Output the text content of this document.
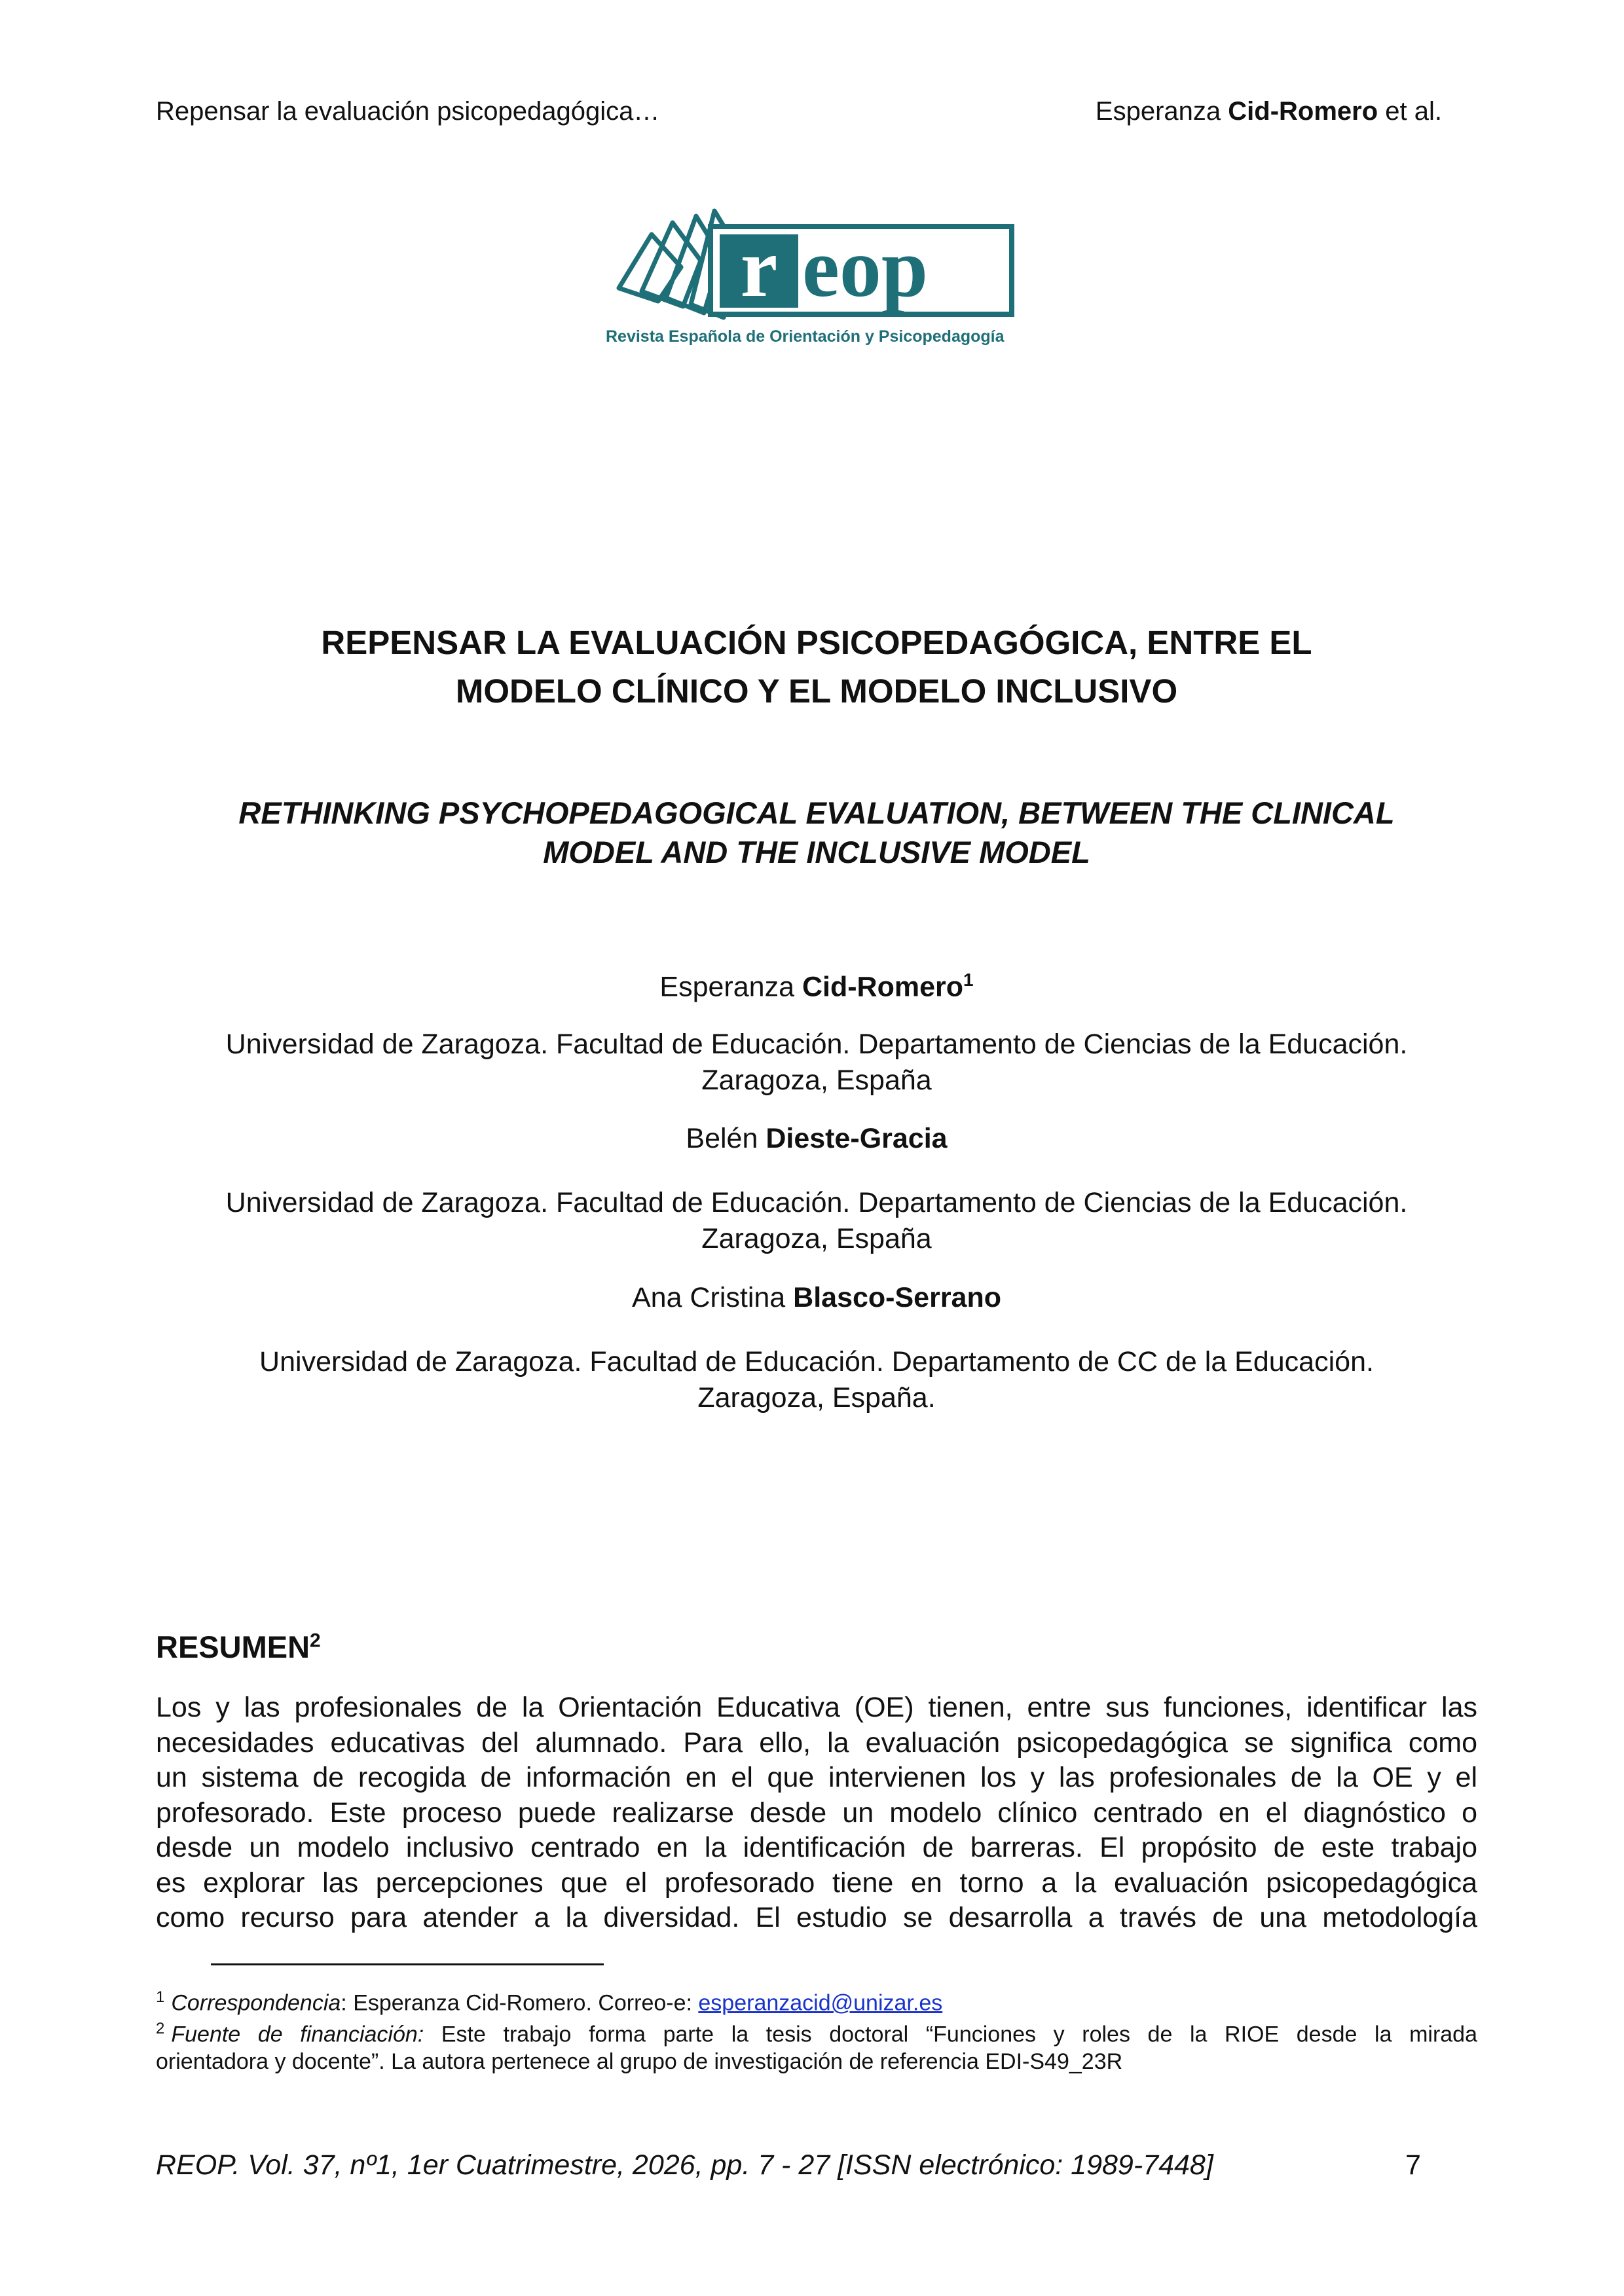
Repensar la evaluación psicopedagógica…	Esperanza Cid-Romero et al.
r eop
Revista Española de Orientación y Psicopedagogía
REPENSAR LA EVALUACIÓN PSICOPEDAGÓGICA, ENTRE EL
MODELO CLÍNICO Y EL MODELO INCLUSIVO
RETHINKING PSYCHOPEDAGOGICAL EVALUATION, BETWEEN THE CLINICAL
MODEL AND THE INCLUSIVE MODEL
Esperanza Cid-Romero$^1$
Universidad de Zaragoza. Facultad de Educación. Departamento de Ciencias de la Educación.
Zaragoza, España
Belén Dieste-Gracia
Universidad de Zaragoza. Facultad de Educación. Departamento de Ciencias de la Educación.
Zaragoza, España
Ana Cristina Blasco-Serrano
Universidad de Zaragoza. Facultad de Educación. Departamento de CC de la Educación.
Zaragoza, España.
RESUMEN$^2$
Los y las profesionales de la Orientación Educativa (OE) tienen, entre sus funciones, identificar las
necesidades educativas del alumnado. Para ello, la evaluación psicopedagógica se significa como
un sistema de recogida de información en el que intervienen los y las profesionales de la OE y el
profesorado. Este proceso puede realizarse desde un modelo clínico centrado en el diagnóstico o
desde un modelo inclusivo centrado en la identificación de barreras. El propósito de este trabajo
es explorar las percepciones que el profesorado tiene en torno a la evaluación psicopedagógica
como recurso para atender a la diversidad. El estudio se desarrolla a través de una metodología
$^1$ Correspondencia: Esperanza Cid-Romero. Correo-e: esperanzacid@unizar.es
$^2$ Fuente de financiación: Este trabajo forma parte la tesis doctoral “Funciones y roles de la RIOE desde la mirada
orientadora y docente”. La autora pertenece al grupo de investigación de referencia EDI-S49_23R
REOP. Vol. 37, nº1, 1er Cuatrimestre, 2026, pp. 7 - 27 [ISSN electrónico: 1989-7448]	7
